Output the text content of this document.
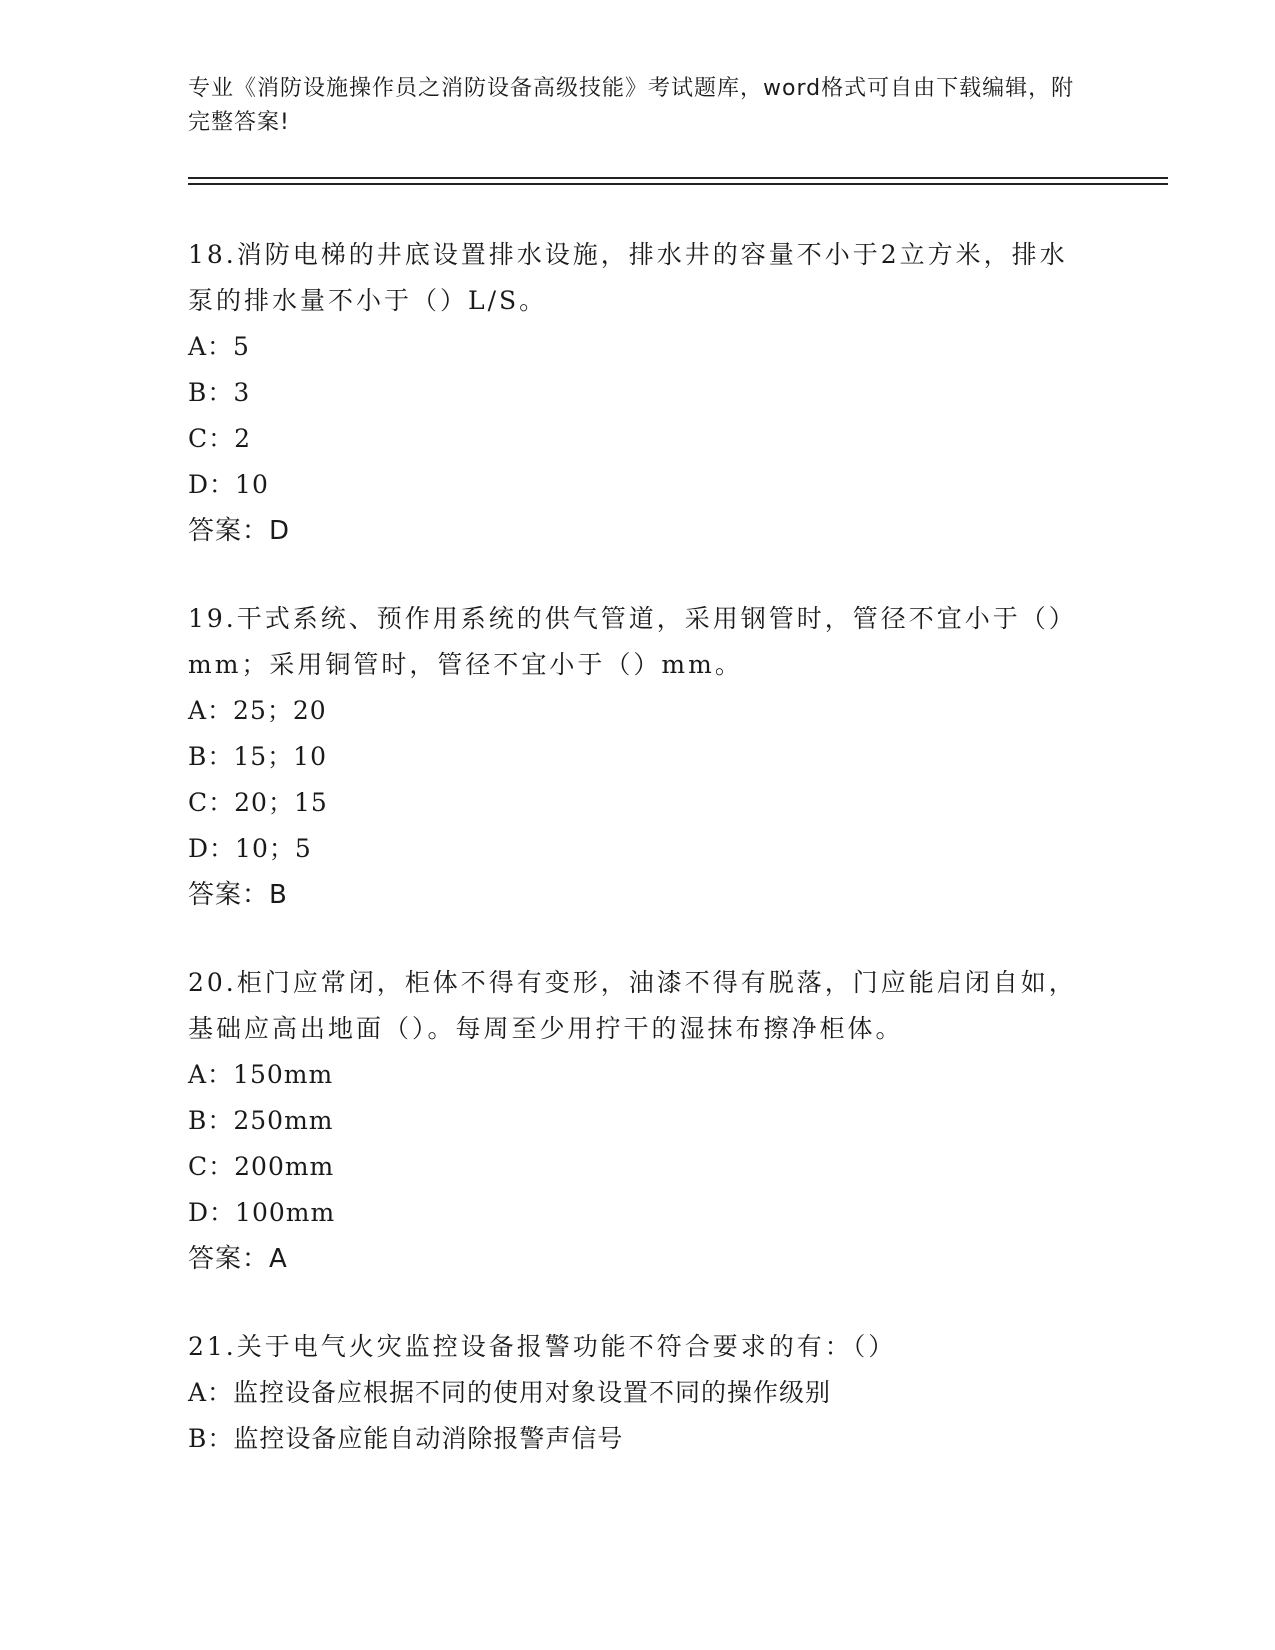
专业《消防设施操作员之消防设备高级技能》考试题库，word格式可自由下载编辑，附完整答案!
18.消防电梯的井底设置排水设施，排水井的容量不小于2立方米，排水泵的排水量不小于（）L/S。
A：5
B：3
C：2
D：10
答案：D
19.干式系统、预作用系统的供气管道，采用钢管时，管径不宜小于（）mm；采用铜管时，管径不宜小于（）mm。
A：25；20
B：15；10
C：20；15
D：10；5
答案：B
20.柜门应常闭，柜体不得有变形，油漆不得有脱落，门应能启闭自如，基础应高出地面（）。每周至少用拧干的湿抹布擦净柜体。
A：150mm
B：250mm
C：200mm
D：100mm
答案：A
21.关于电气火灾监控设备报警功能不符合要求的有：（）
A：监控设备应根据不同的使用对象设置不同的操作级别
B：监控设备应能自动消除报警声信号
